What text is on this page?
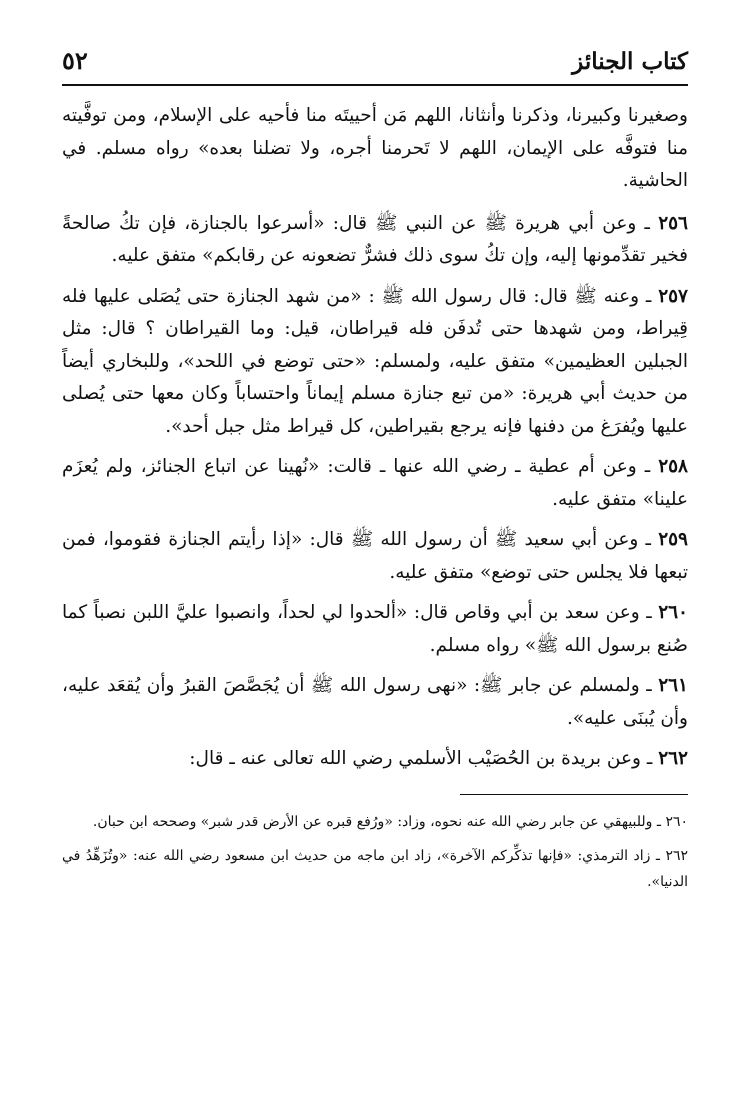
كتاب الجنائز
٥٢

وصغيرنا وكبيرنا، وذكرنا وأنثانا، اللهم مَن أحييتَه منا فأحيه على الإسلام، ومن توفَّيته منا فتوفَّه على الإيمان، اللهم لا تَحرمنا أجره، ولا تضلنا بعده» رواه مسلم. في الحاشية.

٢٥٦ ـ وعن أبي هريرة ﷺ عن النبي ﷺ قال: «أسرعوا بالجنازة، فإن تكُ صالحةً فخير تقدِّمونها إليه، وإن تكُ سوى ذلك فشرٌّ تضعونه عن رقابكم» متفق عليه.

٢٥٧ ـ وعنه ﷺ قال: قال رسول الله ﷺ : «من شهد الجنازة حتى يُصَلى عليها فله قِيراط، ومن شهدها حتى تُدفَن فله قيراطان، قيل: وما القيراطان ؟ قال: مثل الجبلين العظيمين» متفق عليه، ولمسلم: «حتى توضع في اللحد»، وللبخاري أيضاً من حديث أبي هريرة: «من تبع جنازة مسلم إيماناً واحتساباً وكان معها حتى يُصلى عليها ويُفرَغ من دفنها فإنه يرجع بقيراطين، كل قيراط مثل جبل أحد».

٢٥٨ ـ وعن أم عطية ـ رضي الله عنها ـ قالت: «نُهينا عن اتباع الجنائز، ولم يُعزَم علينا» متفق عليه.

٢٥٩ ـ وعن أبي سعيد ﷺ أن رسول الله ﷺ قال: «إذا رأيتم الجنازة فقوموا، فمن تبعها فلا يجلس حتى توضع» متفق عليه.

٢٦٠ ـ وعن سعد بن أبي وقاص قال: «ألحدوا لي لحداً، وانصبوا عليَّ اللبن نصباً كما صُنع برسول الله ﷺ» رواه مسلم.

٢٦١ ـ ولمسلم عن جابر ﷺ: «نهى رسول الله ﷺ أن يُجَصَّصَ القبرُ وأن يُقعَد عليه، وأن يُبنَى عليه».

٢٦٢ ـ وعن بريدة بن الحُصَيْب الأسلمي رضي الله تعالى عنه ـ قال:

٢٦٠ ـ وللبيهقي عن جابر رضي الله عنه نحوه، وزاد: «ورُفع قبره عن الأرض قدر شبر» وصححه ابن حبان.

٢٦٢ ـ زاد الترمذي: «فإنها تذكِّركم الآخرة»، زاد ابن ماجه من حديث ابن مسعود رضي الله عنه: «وتُزَهِّدُ في الدنيا».
